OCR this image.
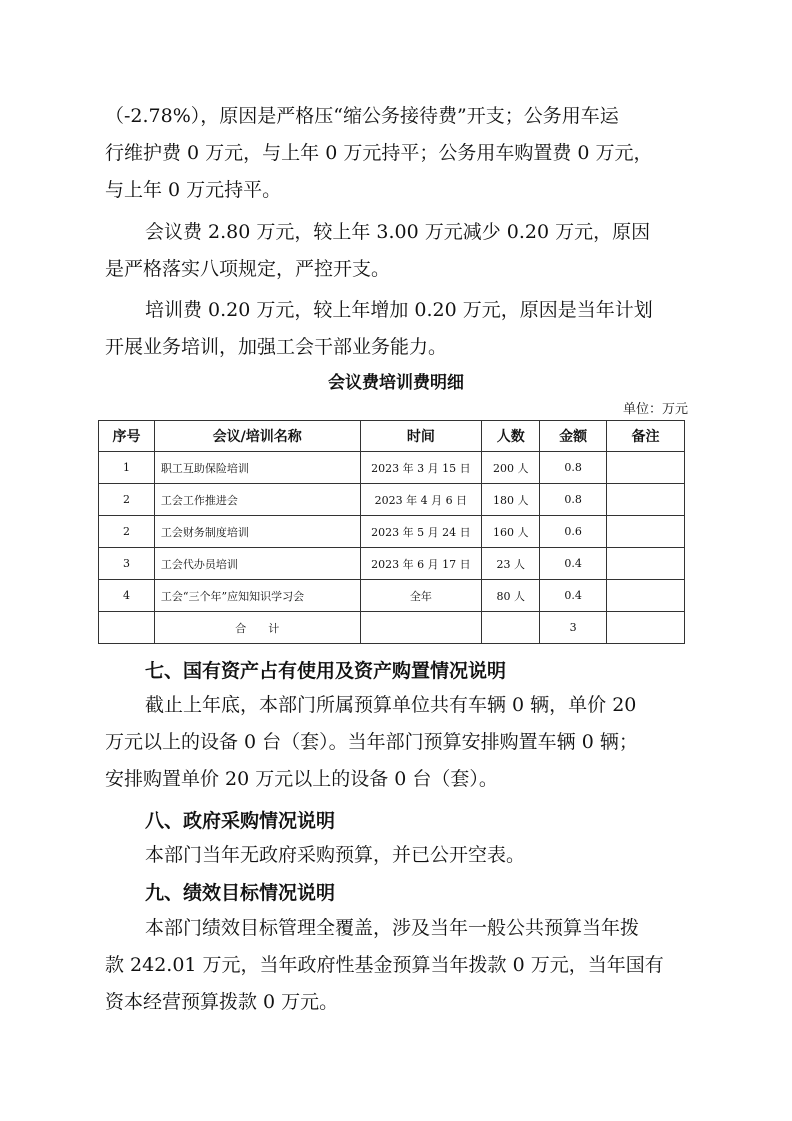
（-2.78%），原因是严格压“缩公务接待费”开支；公务用车运
行维护费 0 万元，与上年 0 万元持平；公务用车购置费 0 万元，
与上年 0 万元持平。
会议费 2.80 万元，较上年 3.00 万元减少 0.20 万元，原因
是严格落实八项规定，严控开支。
培训费 0.20 万元，较上年增加 0.20 万元，原因是当年计划
开展业务培训，加强工会干部业务能力。
会议费培训费明细
单位：万元
序号	会议/培训名称	时间	人数	金额	备注
1	职工互助保险培训	2023 年 3 月 15 日	200 人	0.8	
2	工会工作推进会	2023 年 4 月 6 日	180 人	0.8	
2	工会财务制度培训	2023 年 5 月 24 日	160 人	0.6	
3	工会代办员培训	2023 年 6 月 17 日	23 人	0.4	
4	工会“三个年”应知知识学习会	全年	80 人	0.4	
	合　　计			3	
七、国有资产占有使用及资产购置情况说明
截止上年底，本部门所属预算单位共有车辆 0 辆，单价 20
万元以上的设备 0 台（套）。当年部门预算安排购置车辆 0 辆；
安排购置单价 20 万元以上的设备 0 台（套）。
八、政府采购情况说明
本部门当年无政府采购预算，并已公开空表。
九、绩效目标情况说明
本部门绩效目标管理全覆盖，涉及当年一般公共预算当年拨
款 242.01 万元，当年政府性基金预算当年拨款 0 万元，当年国有
资本经营预算拨款 0 万元。
